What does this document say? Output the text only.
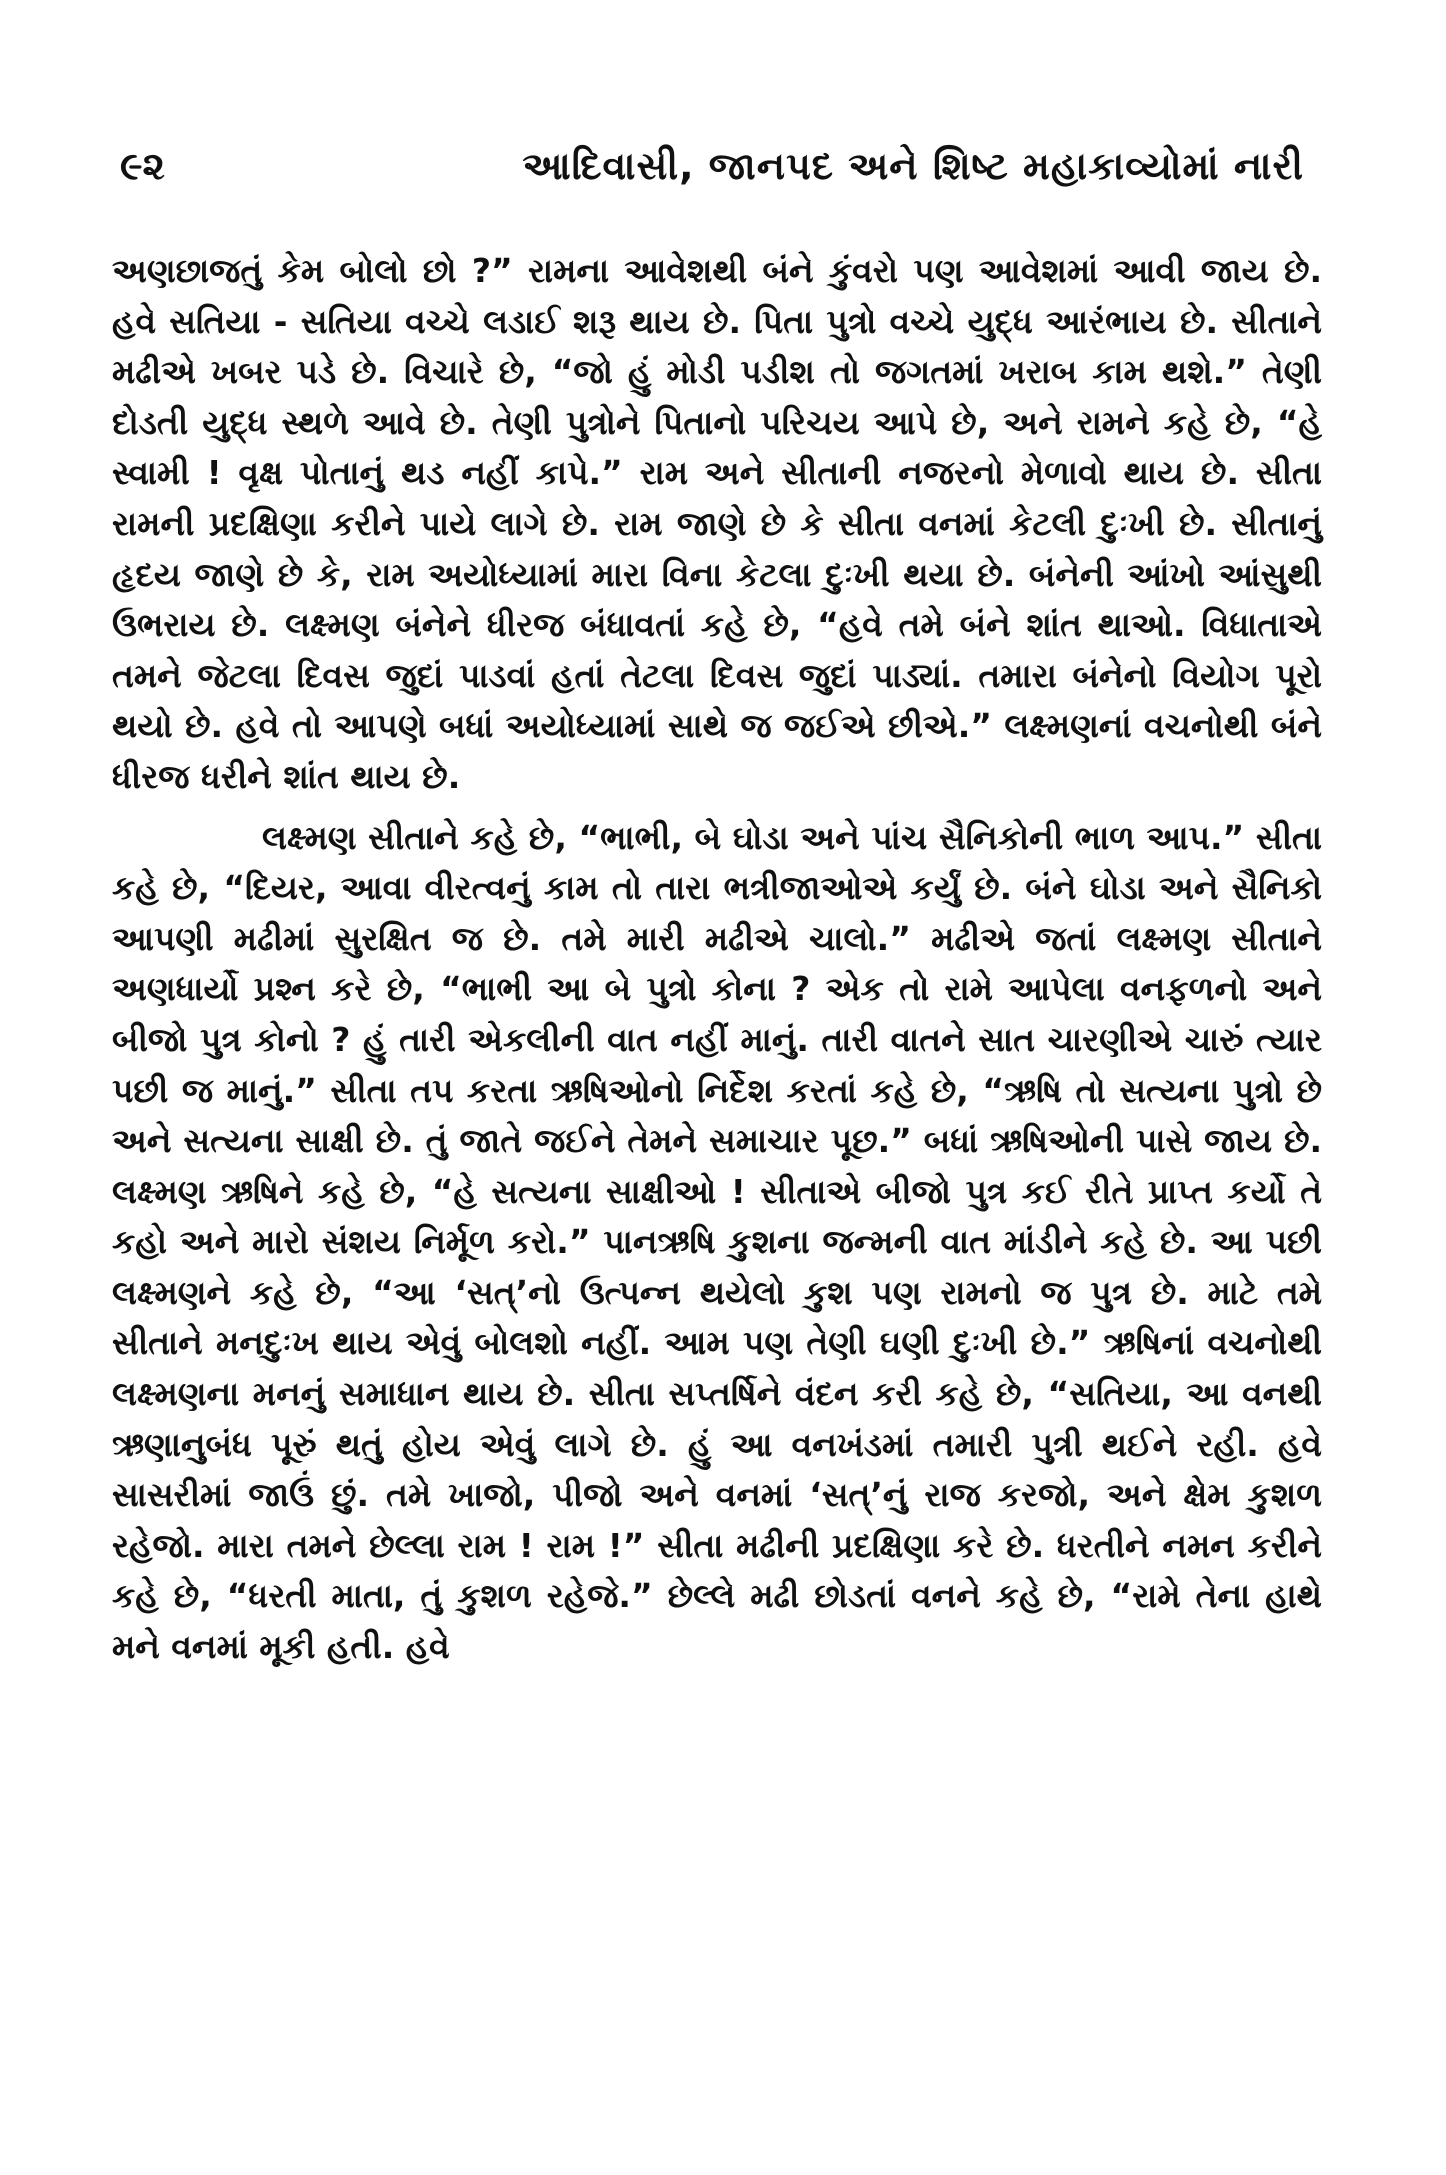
૯૨	આદિવાસી, જાનપદ અને શિષ્ટ મહાકાવ્યોમાં નારી

અણછાજતું કેમ બોલો છો ?” રામના આવેશથી બંને કુંવરો પણ આવેશમાં આવી જાય છે. હવે સતિયા - સતિયા વચ્ચે લડાઈ શરૂ થાય છે. પિતા પુત્રો વચ્ચે યુદ્ધ આરંભાય છે. સીતાને મઢીએ ખબર પડે છે. વિચારે છે, “જો હું મોડી પડીશ તો જગતમાં ખરાબ કામ થશે.” તેણી દોડતી યુદ્ધ સ્થળે આવે છે. તેણી પુત્રોને પિતાનો પરિચય આપે છે, અને રામને કહે છે, “હે સ્વામી ! વૃક્ષ પોતાનું થડ નહીં કાપે.” રામ અને સીતાની નજરનો મેળાવો થાય છે. સીતા રામની પ્રદક્ષિણા કરીને પાયે લાગે છે. રામ જાણે છે કે સીતા વનમાં કેટલી દુઃખી છે. સીતાનું હૃદય જાણે છે કે, રામ અયોધ્યામાં મારા વિના કેટલા દુઃખી થયા છે. બંનેની આંખો આંસુથી ઉભરાય છે. લક્ષ્મણ બંનેને ધીરજ બંધાવતાં કહે છે, “હવે તમે બંને શાંત થાઓ. વિધાતાએ તમને જેટલા દિવસ જુદાં પાડવાં હતાં તેટલા દિવસ જુદાં પાડ્યાં. તમારા બંનેનો વિયોગ પૂરો થયો છે. હવે તો આપણે બધાં અયોધ્યામાં સાથે જ જઈએ છીએ.” લક્ષ્મણનાં વચનોથી બંને ધીરજ ધરીને શાંત થાય છે.

લક્ષ્મણ સીતાને કહે છે, “ભાભી, બે ઘોડા અને પાંચ સૈનિકોની ભાળ આપ.” સીતા કહે છે, “દિયર, આવા વીરત્વનું કામ તો તારા ભત્રીજાઓએ કર્યું છે. બંને ઘોડા અને સૈનિકો આપણી મઢીમાં સુરક્ષિત જ છે. તમે મારી મઢીએ ચાલો.” મઢીએ જતાં લક્ષ્મણ સીતાને અણધાર્યો પ્રશ્ન કરે છે, “ભાભી આ બે પુત્રો કોના ? એક તો રામે આપેલા વનફળનો અને બીજો પુત્ર કોનો ? હું તારી એકલીની વાત નહીં માનું. તારી વાતને સાત ચારણીએ ચારું ત્યાર પછી જ માનું.” સીતા તપ કરતા ઋષિઓનો નિર્દેશ કરતાં કહે છે, “ઋષિ તો સત્યના પુત્રો છે અને સત્યના સાક્ષી છે. તું જાતે જઈને તેમને સમાચાર પૂછ.” બધાં ઋષિઓની પાસે જાય છે. લક્ષ્મણ ઋષિને કહે છે, “હે સત્યના સાક્ષીઓ ! સીતાએ બીજો પુત્ર કઈ રીતે પ્રાપ્ત કર્યો તે કહો અને મારો સંશય નિર્મૂળ કરો.” પાનઋષિ કુશના જન્મની વાત માંડીને કહે છે. આ પછી લક્ષ્મણને કહે છે, “આ ‘સત્’નો ઉત્પન્ન થયેલો કુશ પણ રામનો જ પુત્ર છે. માટે તમે સીતાને મનદુઃખ થાય એવું બોલશો નહીં. આમ પણ તેણી ઘણી દુઃખી છે.” ઋષિનાં વચનોથી લક્ષ્મણના મનનું સમાધાન થાય છે. સીતા સપ્તર્ષિને વંદન કરી કહે છે, “સતિયા, આ વનથી ઋણાનુબંધ પૂરું થતું હોય એવું લાગે છે. હું આ વનખંડમાં તમારી પુત્રી થઈને રહી. હવે સાસરીમાં જાઉં છું. તમે ખાજો, પીજો અને વનમાં ‘સત્’નું રાજ કરજો, અને ક્ષેમ કુશળ રહેજો. મારા તમને છેલ્લા રામ ! રામ !” સીતા મઢીની પ્રદક્ષિણા કરે છે. ધરતીને નમન કરીને કહે છે, “ધરતી માતા, તું કુશળ રહેજે.” છેલ્લે મઢી છોડતાં વનને કહે છે, “રામે તેના હાથે મને વનમાં મૂકી હતી. હવે
